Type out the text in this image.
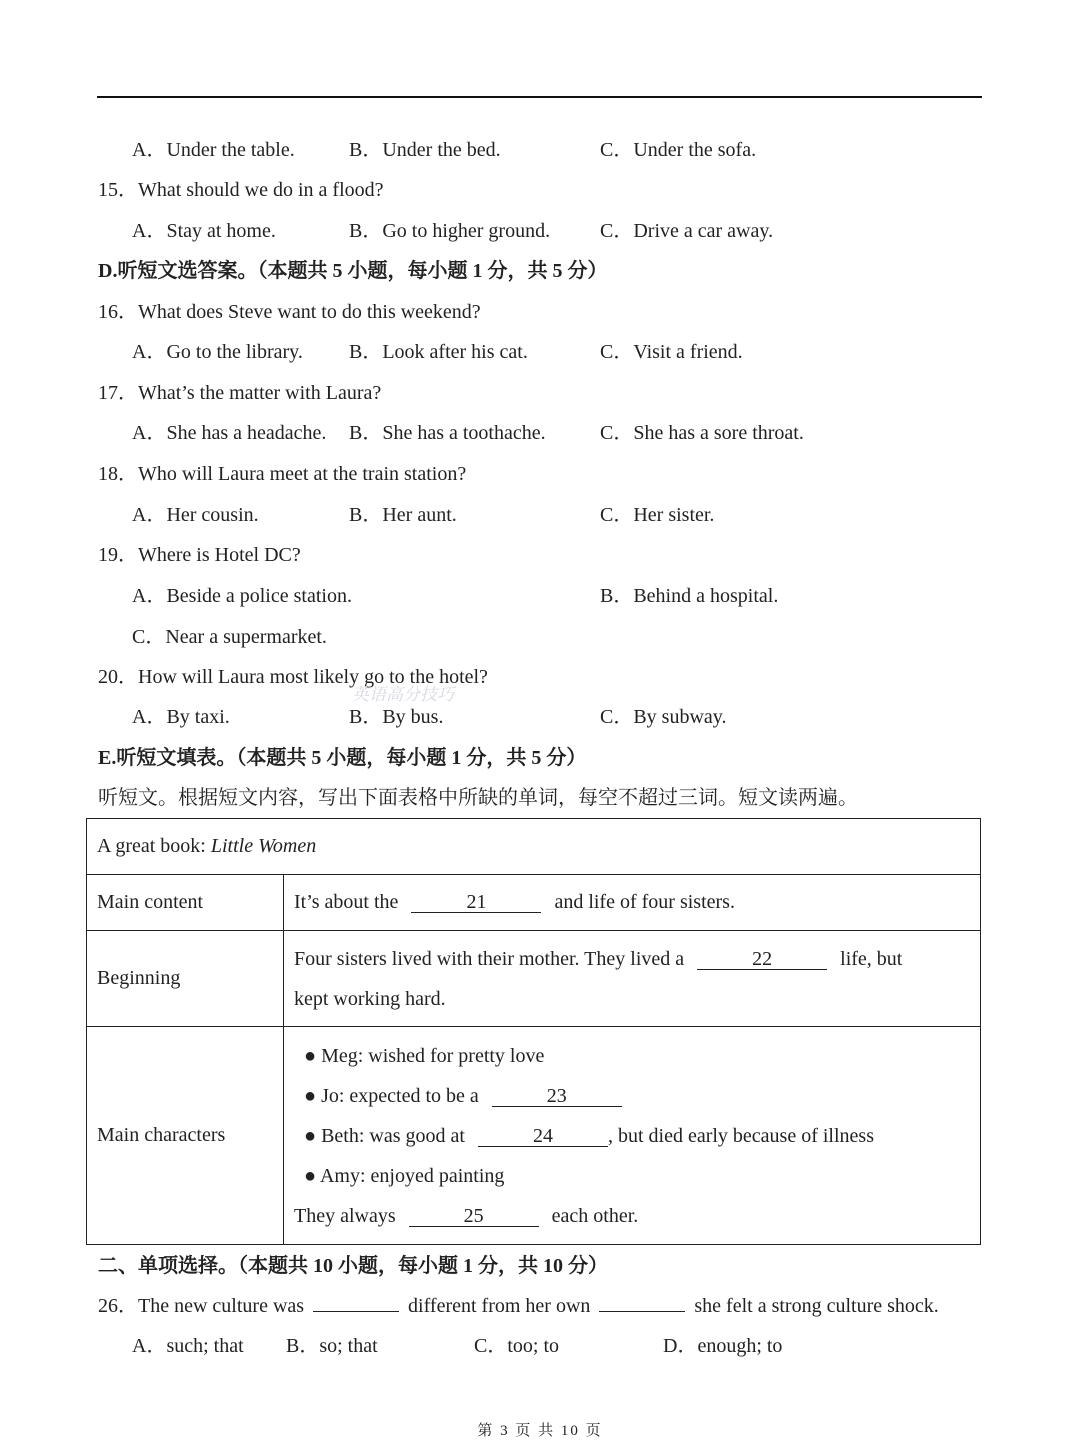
A．Under the table.	B．Under the bed.	C．Under the sofa.
15．What should we do in a flood?
A．Stay at home.	B．Go to higher ground. C．Drive a car away.
D.听短文选答案。（本题共 5 小题，每小题 1 分，共 5 分）
16．What does Steve want to do this weekend?
A．Go to the library. B．Look after his cat.	C．Visit a friend.
17．What’s the matter with Laura?
A．She has a headache. B．She has a toothache.	C．She has a sore throat.
18．Who will Laura meet at the train station?
A．Her cousin.	B．Her aunt.	C．Her sister.
19．Where is Hotel DC?
A．Beside a police station.	B．Behind a hospital.
C．Near a supermarket.
20．How will Laura most likely go to the hotel?
英语高分技巧
A．By taxi.	B．By bus.	C．By subway.
E.听短文填表。（本题共 5 小题，每小题 1 分，共 5 分）
听短文。根据短文内容，写出下面表格中所缺的单词，每空不超过三词。短文读两遍。
A great book: Little Women	
Main content	It’s about the 21 and life of four sisters.
Beginning	Four sisters lived with their mother. They lived a 22 life, but
kept working hard.

Main characters	● Meg: wished for pretty love
● Jo: expected to be a 23
● Beth: was good at 24 , but died early because of illness
● Amy: enjoyed painting
They always 25 each other.
二、单项选择。（本题共 10 小题，每小题 1 分，共 10 分）
26．The new culture was	different from her own	she felt a strong culture shock.
A．such; that B．so; that	C．too; to	D．enough; to
第 3 页 共 10 页
